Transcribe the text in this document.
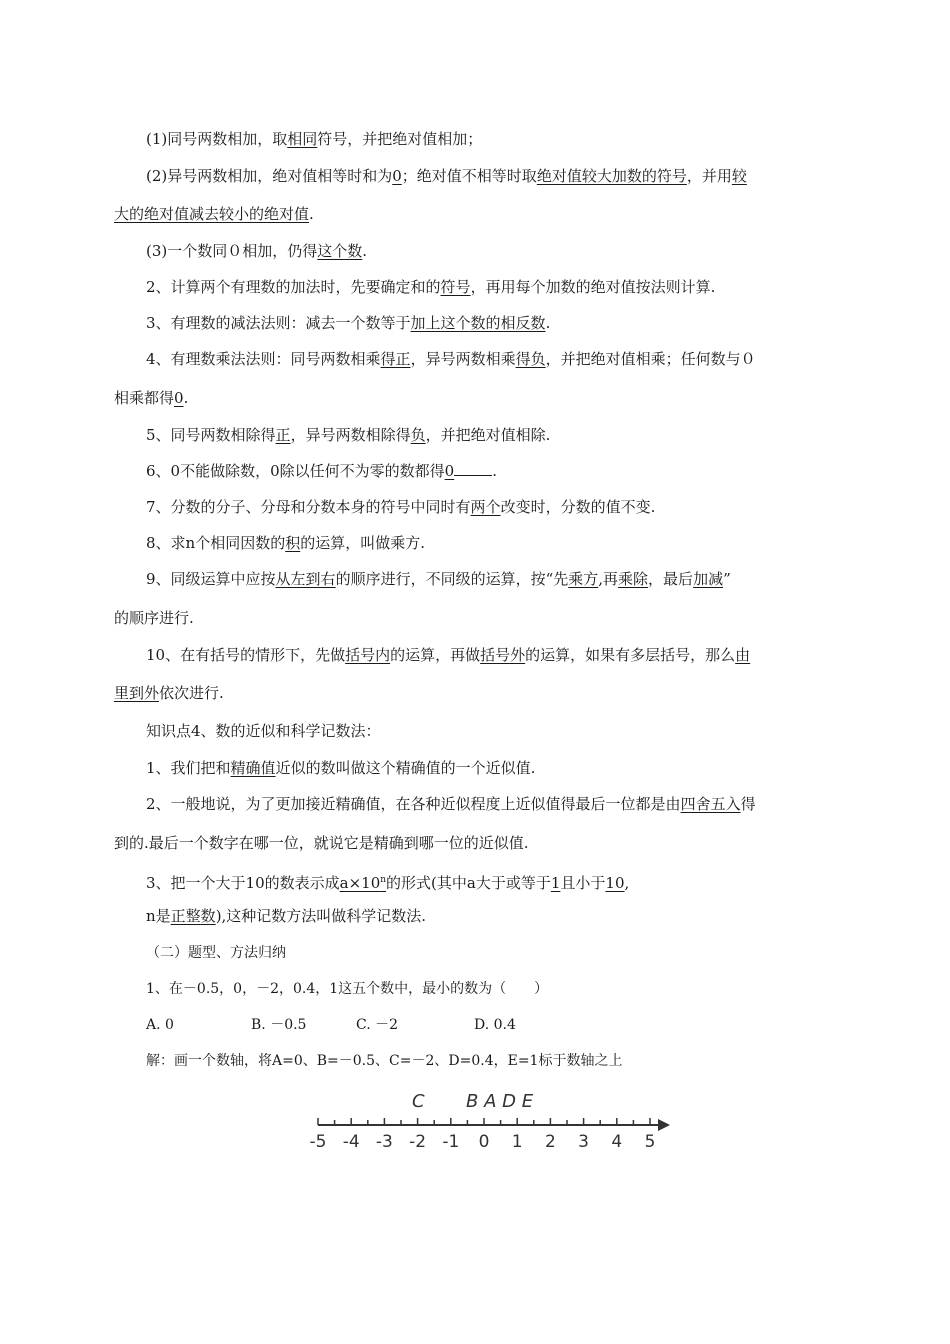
(1)同号两数相加，取相同符号，并把绝对值相加；
(2)异号两数相加，绝对值相等时和为0；绝对值不相等时取绝对值较大加数的符号，并用较
大的绝对值减去较小的绝对值.
(3)一个数同０相加，仍得这个数.
2、计算两个有理数的加法时，先要确定和的符号，再用每个加数的绝对值按法则计算.
3、有理数的减法法则：减去一个数等于加上这个数的相反数.
4、有理数乘法法则：同号两数相乘得正，异号两数相乘得负，并把绝对值相乘；任何数与０
相乘都得0.
5、同号两数相除得正，异号两数相除得负，并把绝对值相除.
6、0不能做除数，0除以任何不为零的数都得0	.
7、分数的分子、分母和分数本身的符号中同时有两个改变时，分数的值不变.
8、求n个相同因数的积的运算，叫做乘方.
9、同级运算中应按从左到右的顺序进行，不同级的运算，按“先乘方,再乘除，最后加减”
的顺序进行.
10、在有括号的情形下，先做括号内的运算，再做括号外的运算，如果有多层括号，那么由
里到外依次进行.
知识点4、数的近似和科学记数法：
1、我们把和精确值近似的数叫做这个精确值的一个近似值.
2、一般地说，为了更加接近精确值，在各种近似程度上近似值得最后一位都是由四舍五入得
到的.最后一个数字在哪一位，就说它是精确到哪一位的近似值.
3、把一个大于10的数表示成$a\times 10^n$的形式(其中a大于或等于1且小于10,
n是正整数),这种记数方法叫做科学记数法.
（二）题型、方法归纳
1、在－0.5，0，－2，0.4，1这五个数中，最小的数为（　　）
A. 0	B. －0.5	C. －2	D. 0.4
解：画一个数轴，将A=0、B=－0.5、C=－2、D=0.4，E=1标于数轴之上
C B A D E
-5 -4 -3 -2 -1 0 1 2 3 4 5
